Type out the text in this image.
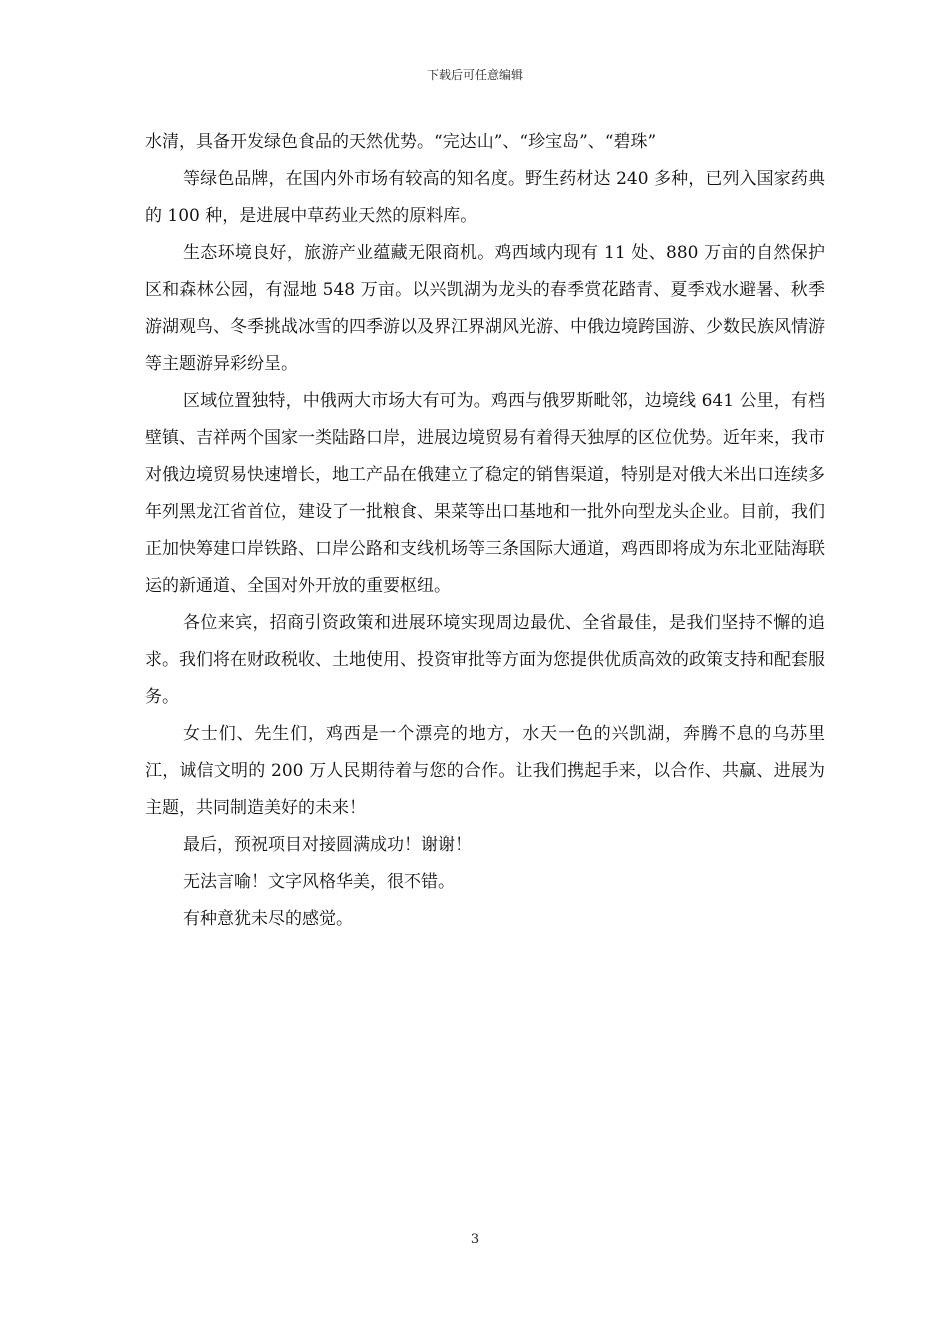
下载后可任意编辑

水清，具备开发绿色食品的天然优势。“完达山”、“珍宝岛”、“碧珠”

等绿色品牌，在国内外市场有较高的知名度。野生药材达 240 多种，已列入国家药典的 100 种，是进展中草药业天然的原料库。

生态环境良好，旅游产业蕴藏无限商机。鸡西域内现有 11 处、880 万亩的自然保护区和森林公园，有湿地 548 万亩。以兴凯湖为龙头的春季赏花踏青、夏季戏水避暑、秋季游湖观鸟、冬季挑战冰雪的四季游以及界江界湖风光游、中俄边境跨国游、少数民族风情游等主题游异彩纷呈。

区域位置独特，中俄两大市场大有可为。鸡西与俄罗斯毗邻，边境线 641 公里，有档壁镇、吉祥两个国家一类陆路口岸，进展边境贸易有着得天独厚的区位优势。近年来，我市对俄边境贸易快速增长，地工产品在俄建立了稳定的销售渠道，特别是对俄大米出口连续多年列黑龙江省首位，建设了一批粮食、果菜等出口基地和一批外向型龙头企业。目前，我们正加快筹建口岸铁路、口岸公路和支线机场等三条国际大通道，鸡西即将成为东北亚陆海联运的新通道、全国对外开放的重要枢纽。

各位来宾，招商引资政策和进展环境实现周边最优、全省最佳，是我们坚持不懈的追求。我们将在财政税收、土地使用、投资审批等方面为您提供优质高效的政策支持和配套服务。

女士们、先生们，鸡西是一个漂亮的地方，水天一色的兴凯湖，奔腾不息的乌苏里江，诚信文明的 200 万人民期待着与您的合作。让我们携起手来，以合作、共赢、进展为主题，共同制造美好的未来！

最后，预祝项目对接圆满成功！谢谢！

无法言喻！文字风格华美，很不错。

有种意犹未尽的感觉。

3
